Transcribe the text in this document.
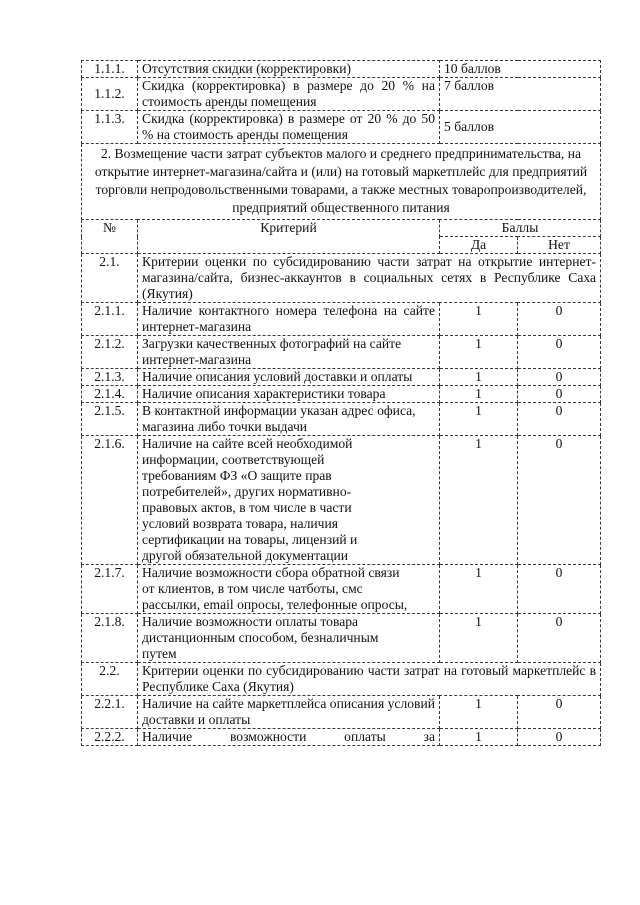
1.1.1.	Отсутствия скидки (корректировки)	10 баллов	
1.1.2.	Скидка (корректировка) в размере до 20 % на стоимость аренды помещения	7 баллов	
1.1.3.	Скидка (корректировка) в размере от 20 % до 50 % на стоимость аренды помещения	5 баллов	
2. Возмещение части затрат субъектов малого и среднего предпринимательства, на открытие интернет-магазина/сайта и (или) на готовый маркетплейс для предприятий торговли непродовольственными товарами, а также местных товаропроизводителей, предприятий общественного питания			
№	Критерий	Баллы	
		Да	Нет
2.1.	Критерии оценки по субсидированию части затрат на открытие интернет-магазина/сайта, бизнес-аккаунтов в социальных сетях в Республике Саха (Якутия)		
2.1.1.	Наличие контактного номера телефона на сайте интернет-магазина	1	0
2.1.2.	Загрузки качественных фотографий на сайте интернет-магазина	1	0
2.1.3.	Наличие описания условий доставки и оплаты	1	0
2.1.4.	Наличие описания характеристики товара	1	0
2.1.5.	В контактной информации указан адрес офиса, магазина либо точки выдачи	1	0
2.1.6.	Наличие на сайте всей необходимой информации, соответствующей требованиям ФЗ «О защите прав потребителей», других нормативно-правовых актов, в том числе в части условий возврата товара, наличия сертификации на товары, лицензий и другой обязательной документации	1	0
2.1.7.	Наличие возможности сбора обратной связи от клиентов, в том числе чатботы, смс рассылки, email опросы, телефонные опросы,	1	0
2.1.8.	Наличие возможности оплаты товара дистанционным способом, безналичным путем	1	0
2.2.	Критерии оценки по субсидированию части затрат на готовый маркетплейс в Республике Саха (Якутия)		
2.2.1.	Наличие на сайте маркетплейса описания условий доставки и оплаты	1	0
2.2.2.	Наличие возможности оплаты за	1	0
